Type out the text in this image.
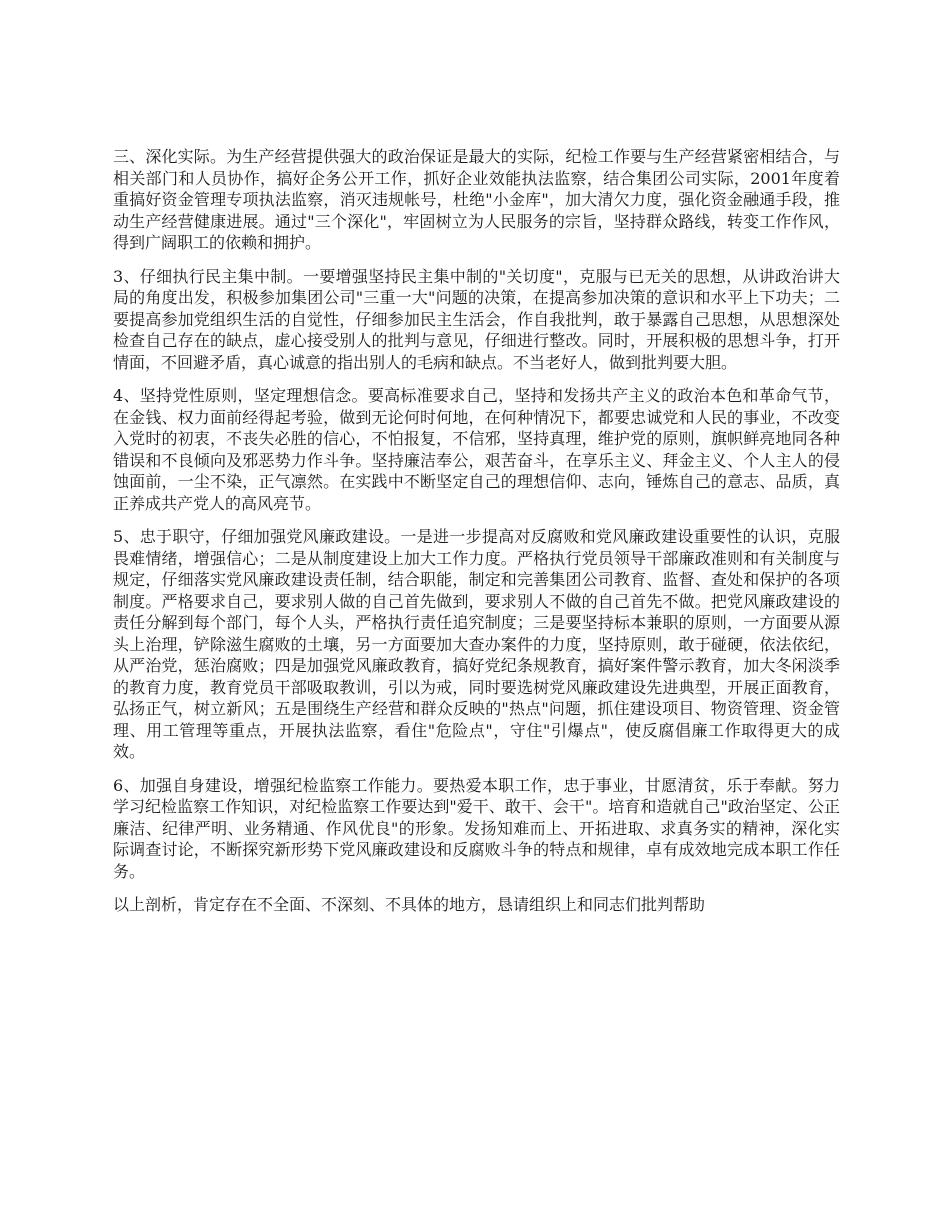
三、深化实际。为生产经营提供强大的政治保证是最大的实际，纪检工作要与生产经营紧密相结合，与相关部门和人员协作，搞好企务公开工作，抓好企业效能执法监察，结合集团公司实际，2001年度着重搞好资金管理专项执法监察，消灭违规帐号，杜绝"小金库"，加大清欠力度，强化资金融通手段，推动生产经营健康进展。通过"三个深化"，牢固树立为人民服务的宗旨，坚持群众路线，转变工作作风，得到广阔职工的依赖和拥护。

3、仔细执行民主集中制。一要增强坚持民主集中制的"关切度"，克服与已无关的思想，从讲政治讲大局的角度出发，积极参加集团公司"三重一大"问题的决策，在提高参加决策的意识和水平上下功夫；二要提高参加党组织生活的自觉性，仔细参加民主生活会，作自我批判，敢于暴露自己思想，从思想深处检查自己存在的缺点，虚心接受别人的批判与意见，仔细进行整改。同时，开展积极的思想斗争，打开情面，不回避矛盾，真心诚意的指出别人的毛病和缺点。不当老好人，做到批判要大胆。

4、坚持党性原则，坚定理想信念。要高标准要求自己，坚持和发扬共产主义的政治本色和革命气节，在金钱、权力面前经得起考验，做到无论何时何地，在何种情况下，都要忠诚党和人民的事业，不改变入党时的初衷，不丧失必胜的信心，不怕报复，不信邪，坚持真理，维护党的原则，旗帜鲜亮地同各种错误和不良倾向及邪恶势力作斗争。坚持廉洁奉公，艰苦奋斗，在享乐主义、拜金主义、个人主人的侵蚀面前，一尘不染，正气凛然。在实践中不断坚定自己的理想信仰、志向，锤炼自己的意志、品质，真正养成共产党人的高风亮节。

5、忠于职守，仔细加强党风廉政建设。一是进一步提高对反腐败和党风廉政建设重要性的认识，克服畏难情绪，增强信心；二是从制度建设上加大工作力度。严格执行党员领导干部廉政准则和有关制度与规定，仔细落实党风廉政建设责任制，结合职能，制定和完善集团公司教育、监督、查处和保护的各项制度。严格要求自己，要求别人做的自己首先做到，要求别人不做的自己首先不做。把党风廉政建设的责任分解到每个部门，每个人头，严格执行责任追究制度；三是要坚持标本兼职的原则，一方面要从源头上治理，铲除滋生腐败的土壤，另一方面要加大查办案件的力度，坚持原则，敢于碰硬，依法依纪，从严治党，惩治腐败；四是加强党风廉政教育，搞好党纪条规教育，搞好案件警示教育，加大冬闲淡季的教育力度，教育党员干部吸取教训，引以为戒，同时要选树党风廉政建设先进典型，开展正面教育，弘扬正气，树立新风；五是围绕生产经营和群众反映的"热点"问题，抓住建设项目、物资管理、资金管理、用工管理等重点，开展执法监察，看住"危险点"，守住"引爆点"，使反腐倡廉工作取得更大的成效。

6、加强自身建设，增强纪检监察工作能力。要热爱本职工作，忠于事业，甘愿清贫，乐于奉献。努力学习纪检监察工作知识，对纪检监察工作要达到"爱干、敢干、会干"。培育和造就自己"政治坚定、公正廉洁、纪律严明、业务精通、作风优良"的形象。发扬知难而上、开拓进取、求真务实的精神，深化实际调查讨论，不断探究新形势下党风廉政建设和反腐败斗争的特点和规律，卓有成效地完成本职工作任务。

以上剖析，肯定存在不全面、不深刻、不具体的地方，恳请组织上和同志们批判帮助
